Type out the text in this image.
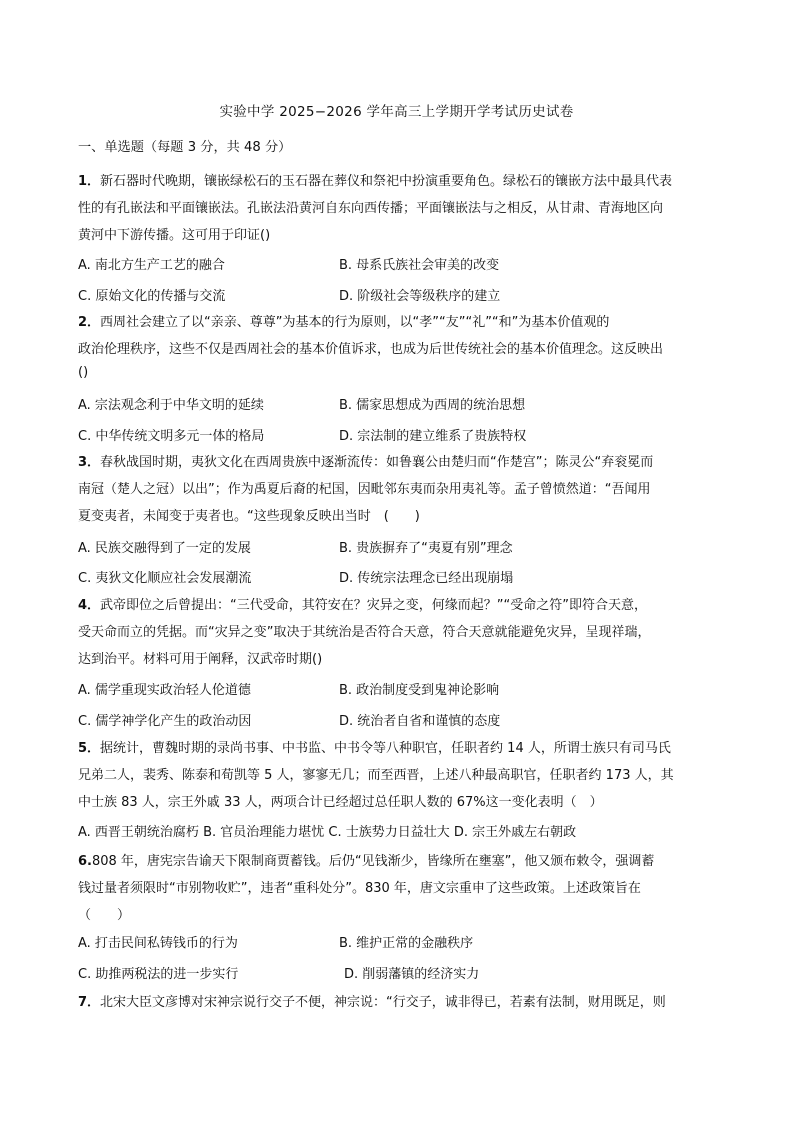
实验中学 2025−2026 学年高三上学期开学考试历史试卷
一、单选题（每题 3 分，共 48 分）
1．新石器时代晚期，镶嵌绿松石的玉石器在葬仪和祭祀中扮演重要角色。绿松石的镶嵌方法中最具代表
性的有孔嵌法和平面镶嵌法。孔嵌法沿黄河自东向西传播；平面镶嵌法与之相反，从甘肃、青海地区向
黄河中下游传播。这可用于印证()
A. 南北方生产工艺的融合	B. 母系氏族社会审美的改变
C. 原始文化的传播与交流	D. 阶级社会等级秩序的建立
2．西周社会建立了以“亲亲、尊尊”为基本的行为原则，以“孝”“友”“礼”“和”为基本价值观的
政治伦理秩序，这些不仅是西周社会的基本价值诉求，也成为后世传统社会的基本价值理念。这反映出
()
A. 宗法观念利于中华文明的延续	B. 儒家思想成为西周的统治思想
C. 中华传统文明多元一体的格局	D. 宗法制的建立维系了贵族特权
3．春秋战国时期，夷狄文化在西周贵族中逐渐流传：如鲁襄公由楚归而“作楚宫”；陈灵公“弃衮冕而
南冠（楚人之冠）以出”；作为禹夏后裔的杞国，因毗邻东夷而杂用夷礼等。孟子曾愤然道：“吾闻用
夏变夷者，未闻变于夷者也。“这些现象反映出当时　(　　)
A. 民族交融得到了一定的发展	B. 贵族摒弃了“夷夏有别”理念
C. 夷狄文化顺应社会发展潮流	D. 传统宗法理念已经出现崩塌
4．武帝即位之后曾提出：“三代受命，其符安在？灾异之变，何缘而起？”“受命之符”即符合天意，
受天命而立的凭据。而“灾异之变”取决于其统治是否符合天意，符合天意就能避免灾异，呈现祥瑞，
达到治平。材料可用于阐释，汉武帝时期()
A. 儒学重现实政治轻人伦道德	B. 政治制度受到鬼神论影响
C. 儒学神学化产生的政治动因	D. 统治者自省和谨慎的态度
5．据统计，曹魏时期的录尚书事、中书监、中书令等八种职官，任职者约 14 人，所谓士族只有司马氏
兄弟二人，裴秀、陈泰和荀凯等 5 人，寥寥无几；而至西晋，上述八种最高职官，任职者约 173 人，其
中士族 83 人，宗王外戚 33 人，两项合计已经超过总任职人数的 67%这一变化表明（　）
A. 西晋王朝统治腐朽 B. 官员治理能力堪忧 C. 士族势力日益壮大 D. 宗王外戚左右朝政
6.808 年，唐宪宗告谕天下限制商贾蓄钱。后仍“见钱渐少，皆缘所在壅塞”，他又颁布敕令，强调蓄
钱过量者须限时“市别物收贮”，违者“重科处分”。830 年，唐文宗重申了这些政策。上述政策旨在
（　　）
A. 打击民间私铸钱币的行为	B. 维护正常的金融秩序
C. 助推两税法的进一步实行	D. 削弱藩镇的经济实力
7．北宋大臣文彦博对宋神宗说行交子不便，神宗说：“行交子，诚非得已，若素有法制，财用既足，则
